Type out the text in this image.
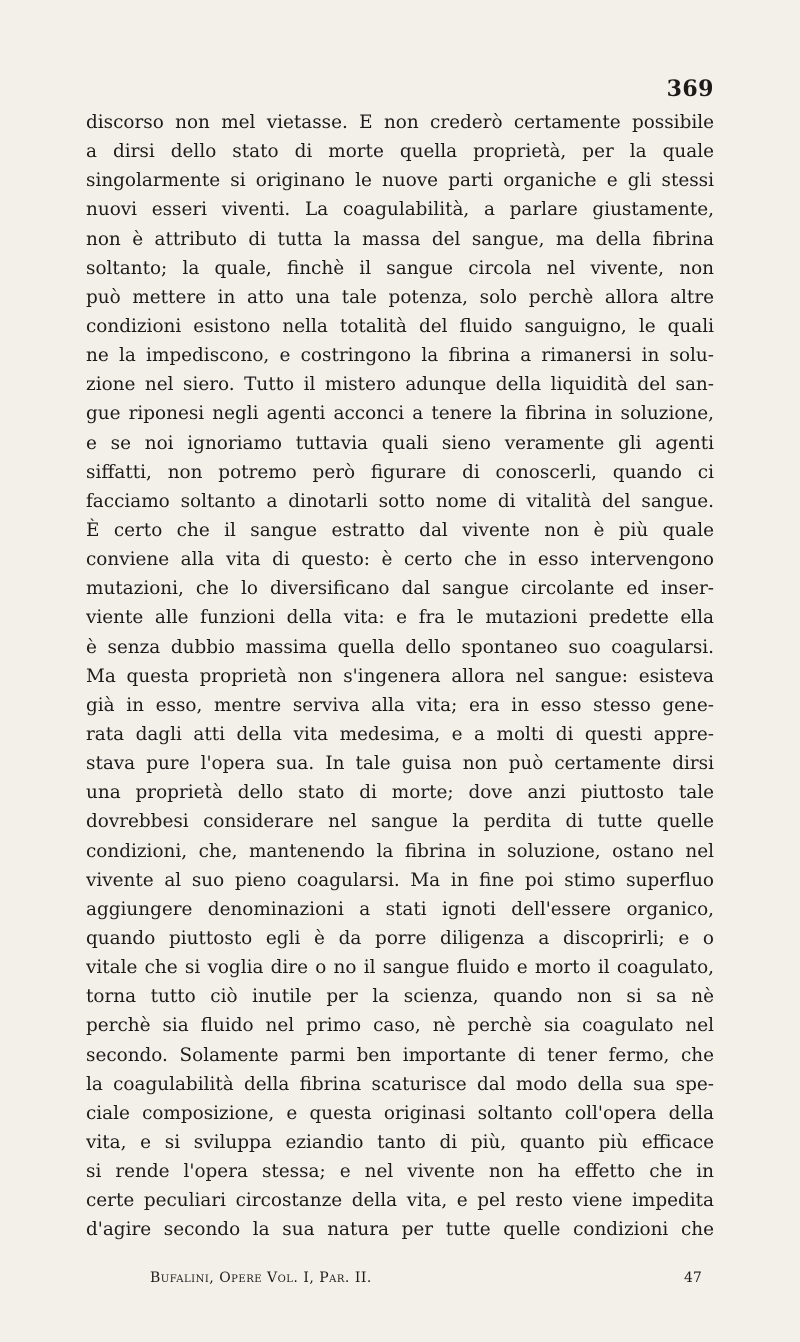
369
discorso non mel vietasse. E non crederò certamente possibile
a dirsi dello stato di morte quella proprietà, per la quale
singolarmente si originano le nuove parti organiche e gli stessi
nuovi esseri viventi. La coagulabilità, a parlare giustamente,
non è attributo di tutta la massa del sangue, ma della fibrina
soltanto; la quale, finchè il sangue circola nel vivente, non
può mettere in atto una tale potenza, solo perchè allora altre
condizioni esistono nella totalità del fluido sanguigno, le quali
ne la impediscono, e costringono la fibrina a rimanersi in solu-
zione nel siero. Tutto il mistero adunque della liquidità del san-
gue riponesi negli agenti acconci a tenere la fibrina in soluzione,
e se noi ignoriamo tuttavia quali sieno veramente gli agenti
siffatti, non potremo però figurare di conoscerli, quando ci
facciamo soltanto a dinotarli sotto nome di vitalità del sangue.
È certo che il sangue estratto dal vivente non è più quale
conviene alla vita di questo: è certo che in esso intervengono
mutazioni, che lo diversificano dal sangue circolante ed inser-
viente alle funzioni della vita: e fra le mutazioni predette ella
è senza dubbio massima quella dello spontaneo suo coagularsi.
Ma questa proprietà non s'ingenera allora nel sangue: esisteva
già in esso, mentre serviva alla vita; era in esso stesso gene-
rata dagli atti della vita medesima, e a molti di questi appre-
stava pure l'opera sua. In tale guisa non può certamente dirsi
una proprietà dello stato di morte; dove anzi piuttosto tale
dovrebbesi considerare nel sangue la perdita di tutte quelle
condizioni, che, mantenendo la fibrina in soluzione, ostano nel
vivente al suo pieno coagularsi. Ma in fine poi stimo superfluo
aggiungere denominazioni a stati ignoti dell'essere organico,
quando piuttosto egli è da porre diligenza a discoprirli; e o
vitale che si voglia dire o no il sangue fluido e morto il coagulato,
torna tutto ciò inutile per la scienza, quando non si sa nè
perchè sia fluido nel primo caso, nè perchè sia coagulato nel
secondo. Solamente parmi ben importante di tener fermo, che
la coagulabilità della fibrina scaturisce dal modo della sua spe-
ciale composizione, e questa originasi soltanto coll'opera della
vita, e si sviluppa eziandio tanto di più, quanto più efficace
si rende l'opera stessa; e nel vivente non ha effetto che in
certe peculiari circostanze della vita, e pel resto viene impedita
d'agire secondo la sua natura per tutte quelle condizioni che
Bufalini, Opere Vol. I, Par. II.	47
